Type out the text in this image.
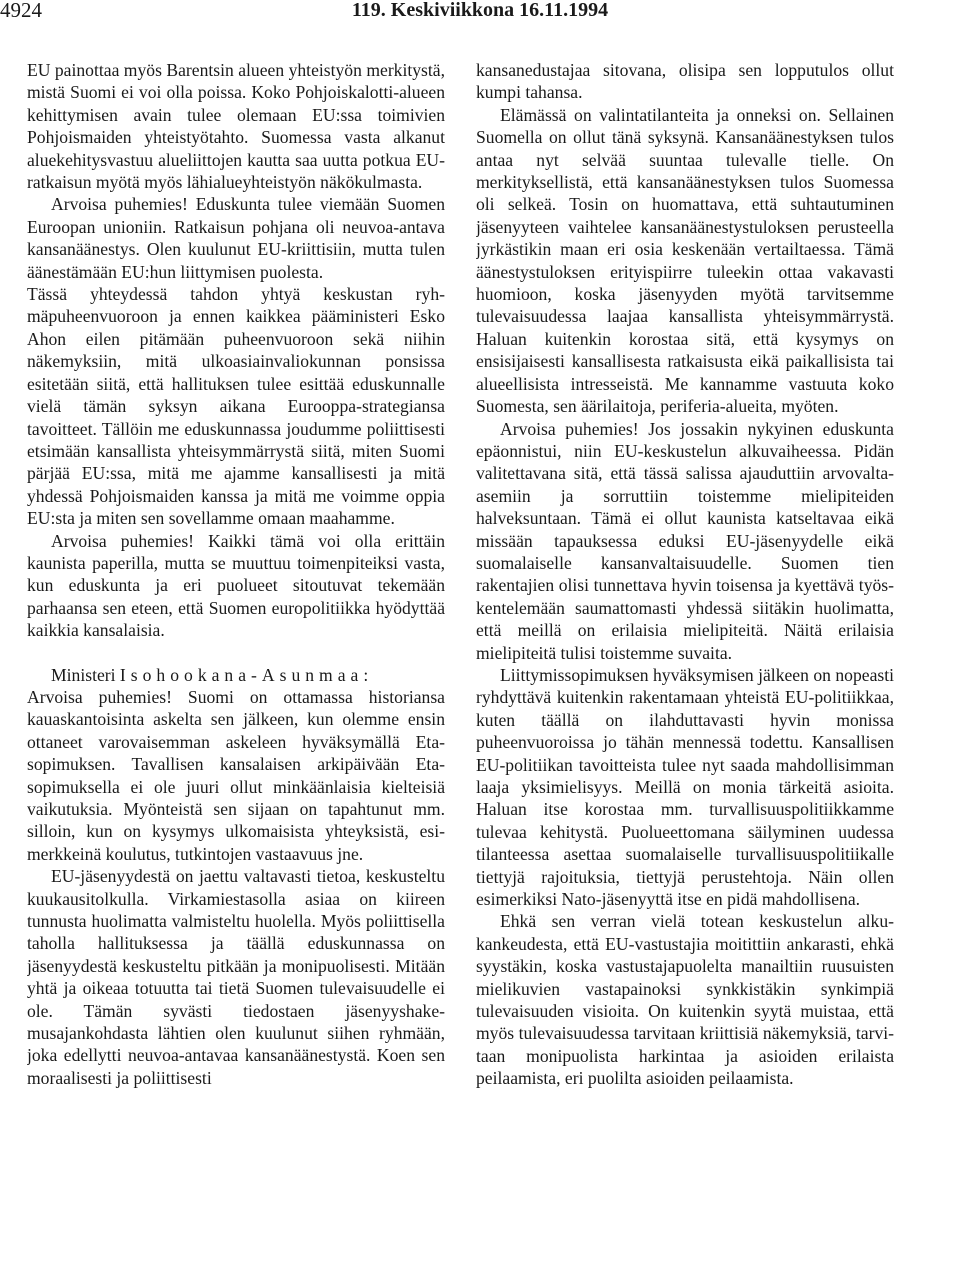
4924	119. Keskiviikkona 16.11.1994

EU painottaa myös Barentsin alueen yhteistyön merkitystä, mistä Suomi ei voi olla poissa. Koko Pohjoiskalotti-alueen kehittymisen avain tulee olemaan EU:ssa toimivien Pohjoismaiden yhteistyötahto. Suomessa vasta alkanut aluekehitysvastuu alueliittojen kautta saa uutta potkua EU-ratkaisun myötä myös lähialueyhteistyön näkökulmasta.

Arvoisa puhemies! Eduskunta tulee viemään Suomen Euroopan unioniin. Ratkaisun pohjana oli neuvoa-antava kansanäänestys. Olen kuulunut EU-kriittisiin, mutta tulen äänestämään EU:hun liittymisen puolesta.

Tässä yhteydessä tahdon yhtyä keskustan ryhmäpuheenvuoroon ja ennen kaikkea pääministeri Esko Ahon eilen pitämään puheenvuoroon sekä niihin näkemyksiin, mitä ulkoasiainvaliokunnan ponsissa esitetään siitä, että hallituksen tulee esittää eduskunnalle vielä tämän syksyn aikana Eurooppa-strategiansa tavoitteet. Tällöin me eduskunnassa joudumme poliittisesti etsimään kansallista yhteisymmärrystä siitä, miten Suomi pärjää EU:ssa, mitä me ajamme kansallisesti ja mitä yhdessä Pohjoismaiden kanssa ja mitä me voimme oppia EU:sta ja miten sen sovellamme omaan maahamme.

Arvoisa puhemies! Kaikki tämä voi olla erittäin kaunista paperilla, mutta se muuttuu toimenpiteiksi vasta, kun eduskunta ja eri puolueet sitoutuvat tekemään parhaansa sen eteen, että Suomen europolitiikka hyödyttää kaikkia kansalaisia.

Ministeri Isohookana-Asunmaa:

Arvoisa puhemies! Suomi on ottamassa historiansa kauaskantoisinta askelta sen jälkeen, kun olemme ensin ottaneet varovaisemman askeleen hyväksymällä Eta-sopimuksen. Tavallisen kansalaisen arkipäivään Eta-sopimuksella ei ole juuri ollut minkäänlaisia kielteisiä vaikutuksia. Myönteistä sen sijaan on tapahtunut mm. silloin, kun on kysymys ulkomaisista yhteyksistä, esimerkkeinä koulutus, tutkintojen vastaavuus jne.

EU-jäsenyydestä on jaettu valtavasti tietoa, keskusteltu kuukausitolkulla. Virkamiestasolla asiaa on kiireen tunnusta huolimatta valmisteltu huolella. Myös poliittisella taholla hallituksessa ja täällä eduskunnassa on jäsenyydestä keskusteltu pitkään ja monipuolisesti. Mitään yhtä ja oikeaa totuutta tai tietä Suomen tulevaisuudelle ei ole. Tämän syvästi tiedostaen jäsenyyshakemusajankohdasta lähtien olen kuulunut siihen ryhmään, joka edellytti neuvoa-antavaa kansanäänestystä. Koen sen moraalisesti ja poliittisesti

kansanedustajaa sitovana, olisipa sen lopputulos ollut kumpi tahansa.

Elämässä on valintatilanteita ja onneksi on. Sellainen Suomella on ollut tänä syksynä. Kansanäänestyksen tulos antaa nyt selvää suuntaa tulevalle tielle. On merkityksellistä, että kansanäänestyksen tulos Suomessa oli selkeä. Tosin on huomattava, että suhtautuminen jäsenyyteen vaihtelee kansanäänestystuloksen perusteella jyrkästikin maan eri osia keskenään vertailtaessa. Tämä äänestystuloksen erityispiirre tuleekin ottaa vakavasti huomioon, koska jäsenyyden myötä tarvitsemme tulevaisuudessa laajaa kansallista yhteisymmärrystä. Haluan kuitenkin korostaa sitä, että kysymys on ensisijaisesti kansallisesta ratkaisusta eikä paikallisista tai alueellisista intresseistä. Me kannamme vastuuta koko Suomesta, sen äärilaitoja, periferia-alueita, myöten.

Arvoisa puhemies! Jos jossakin nykyinen eduskunta epäonnistui, niin EU-keskustelun alkuvaiheessa. Pidän valitettavana sitä, että tässä salissa ajauduttiin arvovalta-asemiin ja sorruttiin toistemme mielipiteiden halveksuntaan. Tämä ei ollut kaunista katseltavaa eikä missään tapauksessa eduksi EU-jäsenyydelle eikä suomalaiselle kansanvaltaisuudelle. Suomen tien rakentajien olisi tunnettava hyvin toisensa ja kyettävä työskentelemään saumattomasti yhdessä siitäkin huolimatta, että meillä on erilaisia mielipiteitä. Näitä erilaisia mielipiteitä tulisi toistemme suvaita.

Liittymissopimuksen hyväksymisen jälkeen on nopeasti ryhdyttävä kuitenkin rakentamaan yhteistä EU-politiikkaa, kuten täällä on ilahduttavasti hyvin monissa puheenvuoroissa jo tähän mennessä todettu. Kansallisen EU-politiikan tavoitteista tulee nyt saada mahdollisimman laaja yksimielisyys. Meillä on monia tärkeitä asioita. Haluan itse korostaa mm. turvallisuuspolitiikkamme tulevaa kehitystä. Puolueettomana säilyminen uudessa tilanteessa asettaa suomalaiselle turvallisuuspolitiikalle tiettyjä rajoituksia, tiettyjä perustehtoja. Näin ollen esimerkiksi Nato-jäsenyyttä itse en pidä mahdollisena.

Ehkä sen verran vielä totean keskustelun alkukankeudesta, että EU-vastustajia moitittiin ankarasti, ehkä syystäkin, koska vastustajapuolelta manailtiin ruusuisten mielikuvien vastapainoksi synkkistäkin synkimpiä tulevaisuuden visioita. On kuitenkin syytä muistaa, että myös tulevaisuudessa tarvitaan kriittisiä näkemyksiä, tarvitaan monipuolista harkintaa ja asioiden erilaista peilaamista, eri puolilta asioiden peilaamista.
